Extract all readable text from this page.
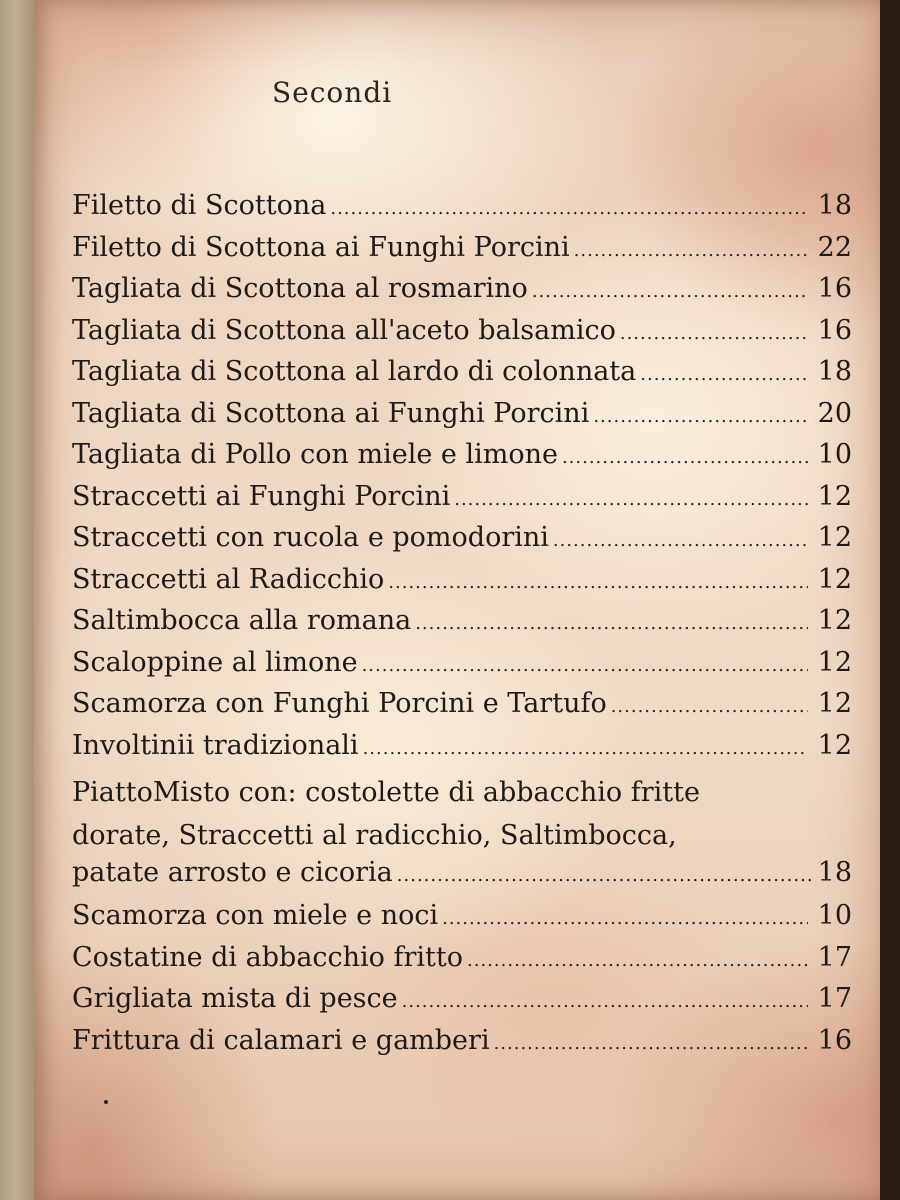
Secondi
Filetto di Scottona .....	18
Filetto di Scottona ai Funghi Porcini .....	22
Tagliata di Scottona al rosmarino .....	16
Tagliata di Scottona all'aceto balsamico .....	16
Tagliata di Scottona al lardo di colonnata .....	18
Tagliata di Scottona ai Funghi Porcini .....	20
Tagliata di Pollo con miele e limone .....	10
Straccetti ai Funghi Porcini .....	12
Straccetti con rucola e pomodorini .....	12
Straccetti al Radicchio .....	12
Saltimbocca alla romana .....	12
Scaloppine al limone .....	12
Scamorza con Funghi Porcini e Tartufo .....	12
Involtinii tradizionali .....	12
PiattoMisto con: costolette di abbacchio fritte
dorate, Straccetti al radicchio, Saltimbocca,
patate arrosto e cicoria .....	18
Scamorza con miele e noci .....	10
Costatine di abbacchio fritto .....	17
Grigliata mista di pesce .....	17
Frittura di calamari e gamberi .....	16
